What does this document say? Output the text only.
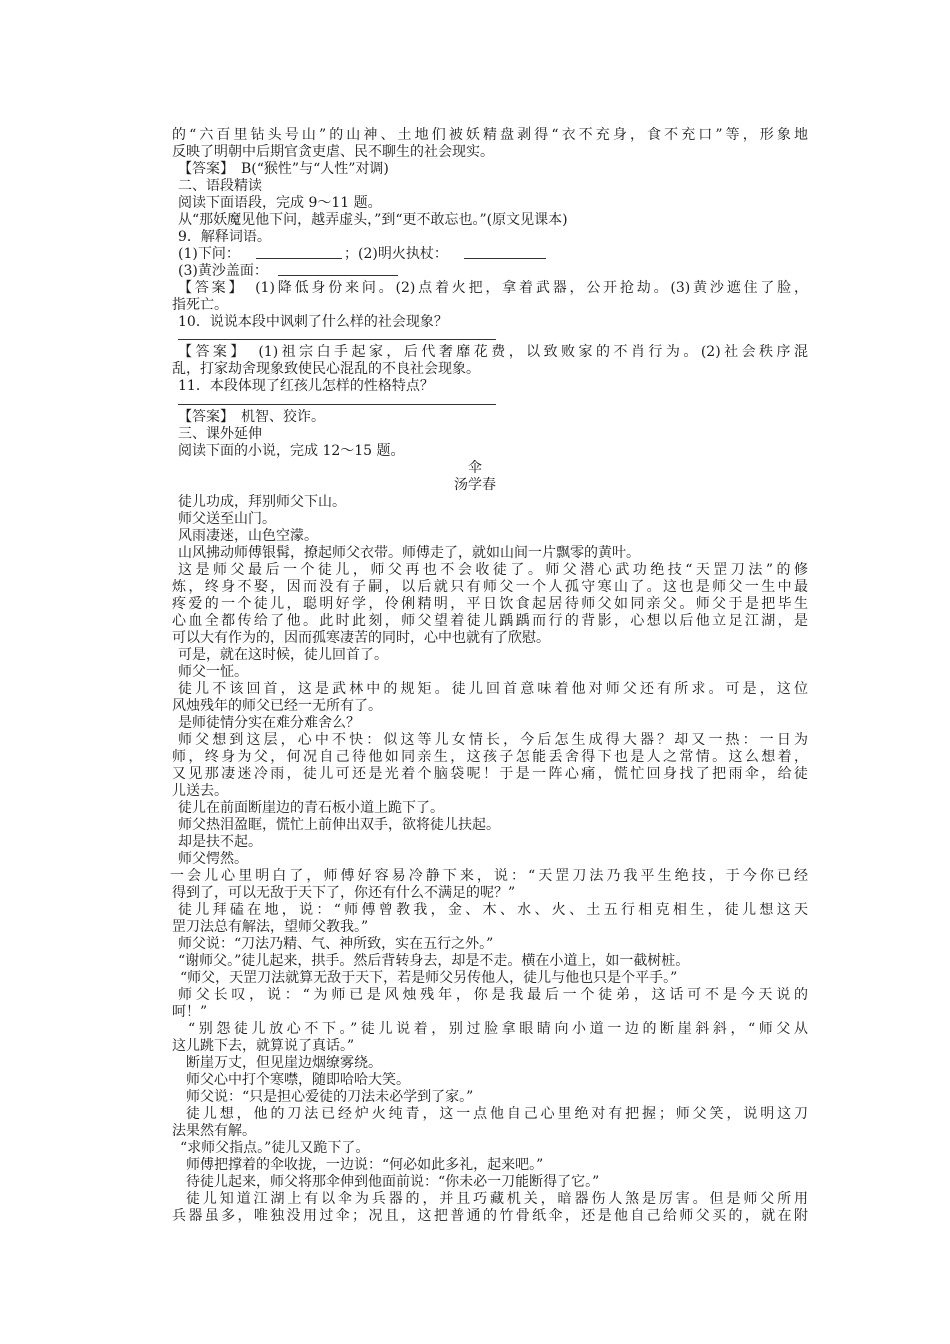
的“六百里钻头号山”的山神、土地们被妖精盘剥得“衣不充身，食不充口”等，形象地
反映了明朝中后期官贪吏虐、民不聊生的社会现实。
【答案】　B(“猴性”与“人性”对调)
二、语段精读
阅读下面语段，完成 9～11 题。
从“那妖魔见他下问，越弄虚头，”到“更不敢忘也。”(原文见课本)
9．解释词语。
(1)下问：	；(2)明火执杖：
(3)黄沙盖面：
【答案】　(1)降低身份来问。(2)点着火把，拿着武器，公开抢劫。(3)黄沙遮住了脸，
指死亡。
10．说说本段中讽刺了什么样的社会现象？
【答案】　(1)祖宗白手起家，后代奢靡花费，以致败家的不肖行为。(2)社会秩序混
乱，打家劫舍现象致使民心混乱的不良社会现象。
11．本段体现了红孩儿怎样的性格特点？
【答案】　机智、狡诈。
三、课外延伸
阅读下面的小说，完成 12～15 题。
伞
汤学春
徒儿功成，拜别师父下山。
师父送至山门。
风雨凄迷，山色空濛。
山风拂动师傅银髯，撩起师父衣带。师傅走了，就如山间一片飘零的黄叶。
这是师父最后一个徒儿，师父再也不会收徒了。师父潜心武功绝技“天罡刀法”的修
炼，终身不娶，因而没有子嗣，以后就只有师父一个人孤守寒山了。这也是师父一生中最
疼爱的一个徒儿，聪明好学，伶俐精明，平日饮食起居待师父如同亲父。师父于是把毕生
心血全都传给了他。此时此刻，师父望着徒儿踽踽而行的背影，心想以后他立足江湖，是
可以大有作为的，因而孤寒凄苦的同时，心中也就有了欣慰。
可是，就在这时候，徒儿回首了。
师父一怔。
徒儿不该回首，这是武林中的规矩。徒儿回首意味着他对师父还有所求。可是，这位
风烛残年的师父已经一无所有了。
是师徒情分实在难分难舍么？
师父想到这层，心中不快：似这等儿女情长，今后怎生成得大器？却又一热：一日为
师，终身为父，何况自己待他如同亲生，这孩子怎能丢舍得下也是人之常情。这么想着，
又见那凄迷冷雨，徒儿可还是光着个脑袋呢！于是一阵心痛，慌忙回身找了把雨伞，给徒
儿送去。
徒儿在前面断崖边的青石板小道上跪下了。
师父热泪盈眶，慌忙上前伸出双手，欲将徒儿扶起。
却是扶不起。
师父愕然。
一会儿心里明白了，师傅好容易冷静下来，说：“天罡刀法乃我平生绝技，于今你已经
得到了，可以无敌于天下了，你还有什么不满足的呢？”
徒儿拜磕在地，说：“师傅曾教我，金、木、水、火、土五行相克相生，徒儿想这天
罡刀法总有解法，望师父教我。”
师父说：“刀法乃精、气、神所致，实在五行之外。”
“谢师父。”徒儿起来，拱手。然后背转身去，却是不走。横在小道上，如一截树桩。
“师父，天罡刀法就算无敌于天下，若是师父另传他人，徒儿与他也只是个平手。”
师父长叹，说：“为师已是风烛残年，你是我最后一个徒弟，这话可不是今天说的
呵！”
“别怨徒儿放心不下。”徒儿说着，别过脸拿眼睛向小道一边的断崖斜斜，“师父从
这儿跳下去，就算说了真话。”
断崖万丈，但见崖边烟缭雾绕。
师父心中打个寒噤，随即哈哈大笑。
师父说：“只是担心爱徒的刀法未必学到了家。”
徒儿想，他的刀法已经炉火纯青，这一点他自己心里绝对有把握；师父笑，说明这刀
法果然有解。
“求师父指点。”徒儿又跪下了。
师傅把撑着的伞收拢，一边说：“何必如此多礼，起来吧。”
待徒儿起来，师父将那伞伸到他面前说：“你未必一刀能断得了它。”
徒儿知道江湖上有以伞为兵器的，并且巧藏机关，暗器伤人煞是厉害。但是师父所用
兵器虽多，唯独没用过伞；况且，这把普通的竹骨纸伞，还是他自己给师父买的，就在附
